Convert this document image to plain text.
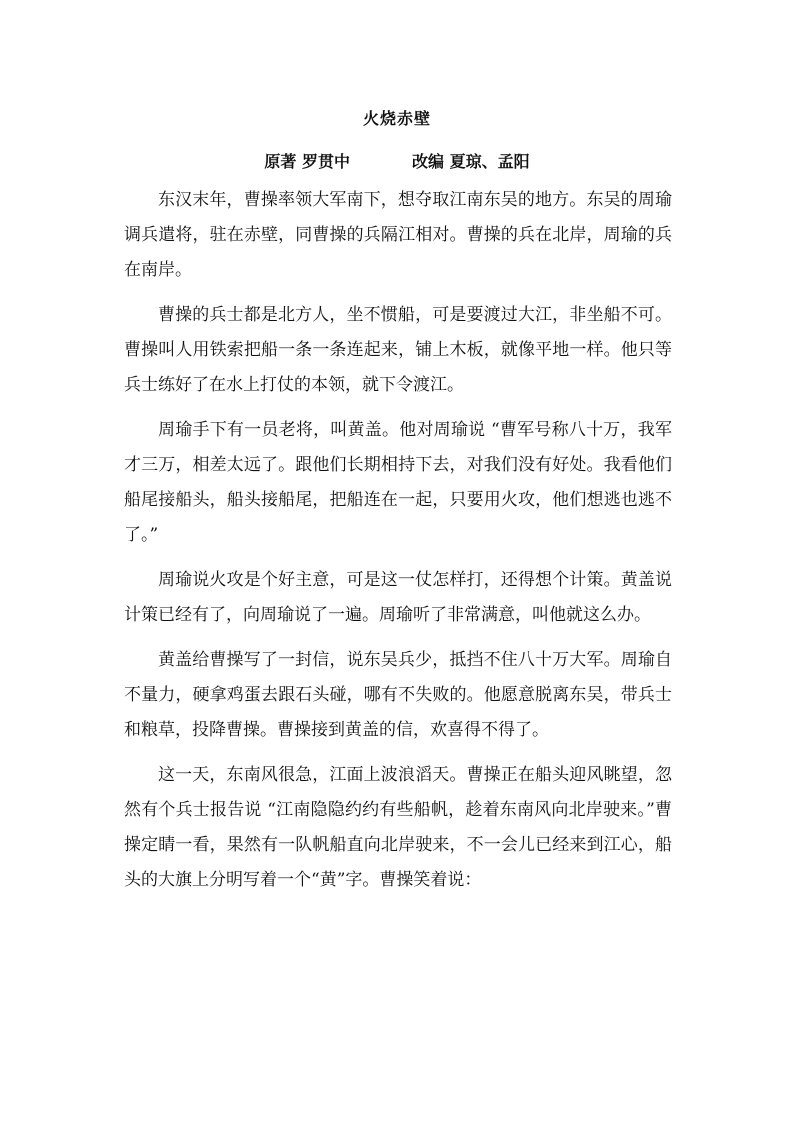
火烧赤壁
原著 罗贯中	改编 夏琼、孟阳

东汉末年，曹操率领大军南下，想夺取江南东吴的地方。东吴的周瑜调兵遣将，驻在赤壁，同曹操的兵隔江相对。曹操的兵在北岸，周瑜的兵在南岸。

曹操的兵士都是北方人，坐不惯船，可是要渡过大江，非坐船不可。曹操叫人用铁索把船一条一条连起来，铺上木板，就像平地一样。他只等兵士练好了在水上打仗的本领，就下令渡江。

周瑜手下有一员老将，叫黄盖。他对周瑜说 “曹军号称八十万，我军才三万，相差太远了。跟他们长期相持下去，对我们没有好处。我看他们船尾接船头，船头接船尾，把船连在一起，只要用火攻，他们想逃也逃不了。”

周瑜说火攻是个好主意，可是这一仗怎样打，还得想个计策。黄盖说计策已经有了，向周瑜说了一遍。周瑜听了非常满意，叫他就这么办。

黄盖给曹操写了一封信，说东吴兵少，抵挡不住八十万大军。周瑜自不量力，硬拿鸡蛋去跟石头碰，哪有不失败的。他愿意脱离东吴，带兵士和粮草，投降曹操。曹操接到黄盖的信，欢喜得不得了。

这一天，东南风很急，江面上波浪滔天。曹操正在船头迎风眺望，忽然有个兵士报告说 “江南隐隐约约有些船帆，趁着东南风向北岸驶来。”曹操定睛一看，果然有一队帆船直向北岸驶来，不一会儿已经来到江心，船头的大旗上分明写着一个“黄”字。曹操笑着说：
